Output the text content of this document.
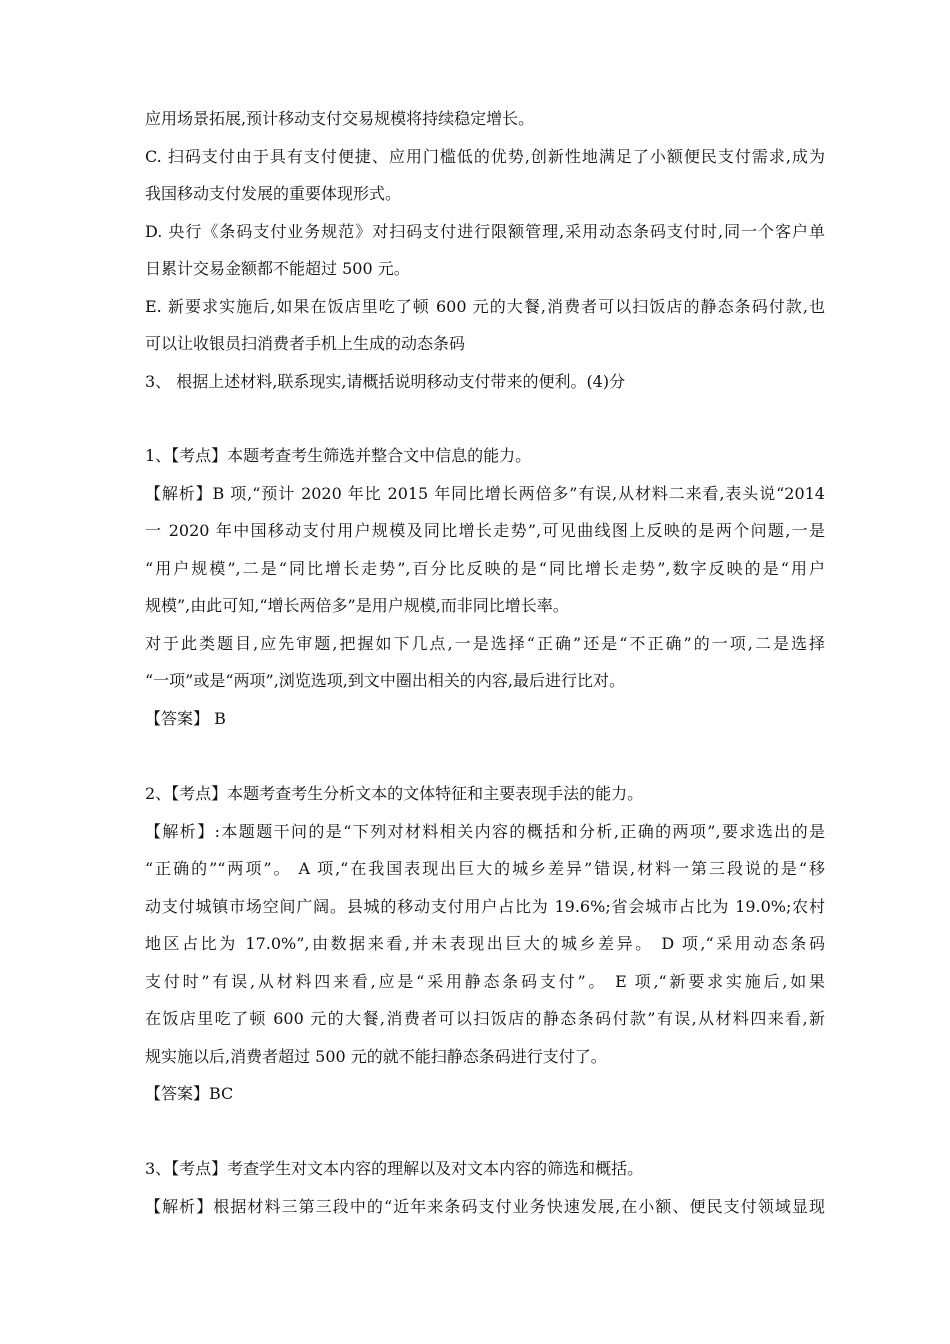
应用场景拓展,预计移动支付交易规模将持续稳定增长。
C. 扫码支付由于具有支付便捷、应用门槛低的优势,创新性地满足了小额便民支付需求,成为
我国移动支付发展的重要体现形式。
D. 央行《条码支付业务规范》对扫码支付进行限额管理,采用动态条码支付时,同一个客户单
日累计交易金额都不能超过 500 元。
E. 新要求实施后,如果在饭店里吃了顿 600 元的大餐,消费者可以扫饭店的静态条码付款,也
可以让收银员扫消费者手机上生成的动态条码
3、 根据上述材料,联系现实,请概括说明移动支付带来的便利。(4)分
1、【考点】本题考查考生筛选并整合文中信息的能力。
【解析】B 项,“预计 2020 年比 2015 年同比增长两倍多”有误,从材料二来看,表头说“2014
一 2020 年中国移动支付用户规模及同比增长走势”,可见曲线图上反映的是两个问题,一是
“用户规模”,二是“同比增长走势”,百分比反映的是“同比增长走势”,数字反映的是“用户
规模”,由此可知,“增长两倍多”是用户规模,而非同比增长率。
对于此类题目,应先审题,把握如下几点,一是选择“正确”还是“不正确”的一项,二是选择
“一项”或是“两项”,浏览选项,到文中圈出相关的内容,最后进行比对。
【答案】 B
2、【考点】本题考查考生分析文本的文体特征和主要表现手法的能力。
【解析】:本题题干问的是“下列对材料相关内容的概括和分析,正确的两项”,要求选出的是
“正确的”“两项”。 A 项,“在我国表现出巨大的城乡差异”错误,材料一第三段说的是“移
动支付城镇市场空间广阔。县城的移动支付用户占比为 19.6%;省会城市占比为 19.0%;农村
地区占比为 17.0%”,由数据来看,并未表现出巨大的城乡差异。 D 项,“采用动态条码
支付时”有误,从材料四来看,应是“采用静态条码支付”。 E 项,“新要求实施后,如果
在饭店里吃了顿 600 元的大餐,消费者可以扫饭店的静态条码付款”有误,从材料四来看,新
规实施以后,消费者超过 500 元的就不能扫静态条码进行支付了。
【答案】BC
3、【考点】考查学生对文本内容的理解以及对文本内容的筛选和概括。
【解析】根据材料三第三段中的“近年来条码支付业务快速发展,在小额、便民支付领域显现
